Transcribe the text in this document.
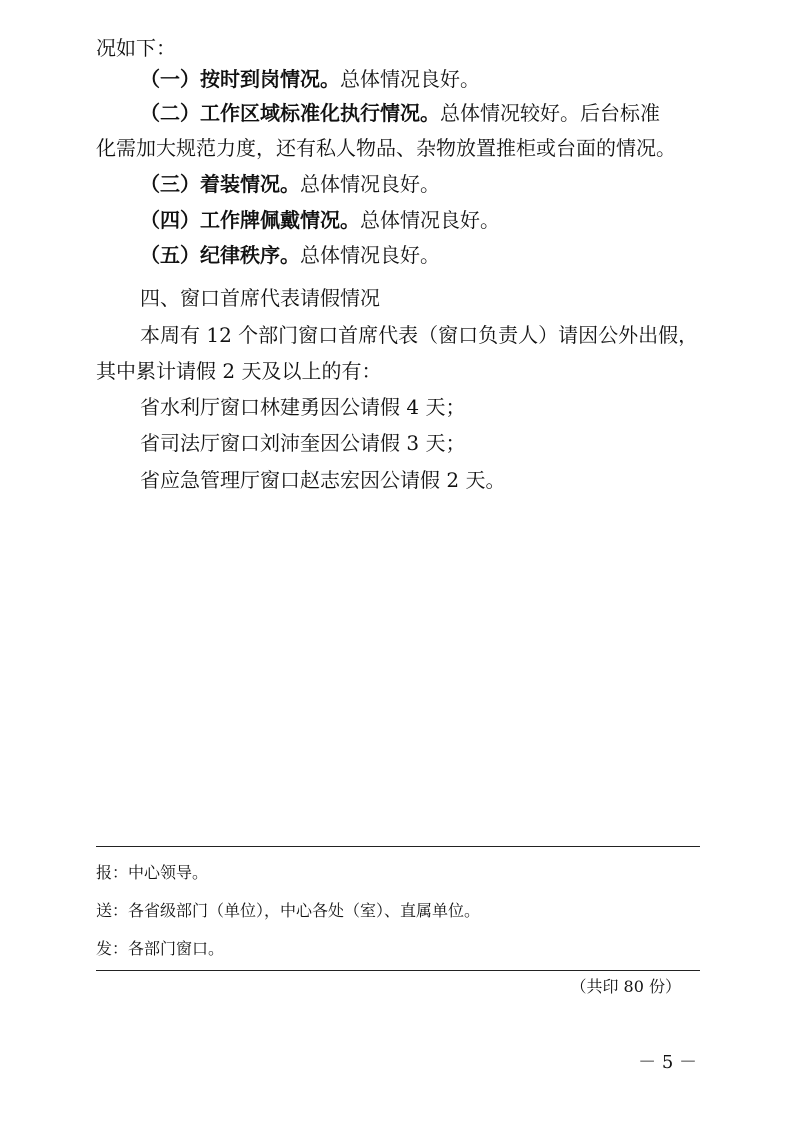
况如下：
（一）按时到岗情况。总体情况良好。
（二）工作区域标准化执行情况。总体情况较好。后台标准
化需加大规范力度，还有私人物品、杂物放置推柜或台面的情况。
（三）着装情况。总体情况良好。
（四）工作牌佩戴情况。总体情况良好。
（五）纪律秩序。总体情况良好。
四、窗口首席代表请假情况
本周有 12 个部门窗口首席代表（窗口负责人）请因公外出假，
其中累计请假 2 天及以上的有：
省水利厅窗口林建勇因公请假 4 天；
省司法厅窗口刘沛奎因公请假 3 天；
省应急管理厅窗口赵志宏因公请假 2 天。
报：中心领导。
送：各省级部门（单位），中心各处（室）、直属单位。
发：各部门窗口。
（共印 80 份）
－ 5 －
